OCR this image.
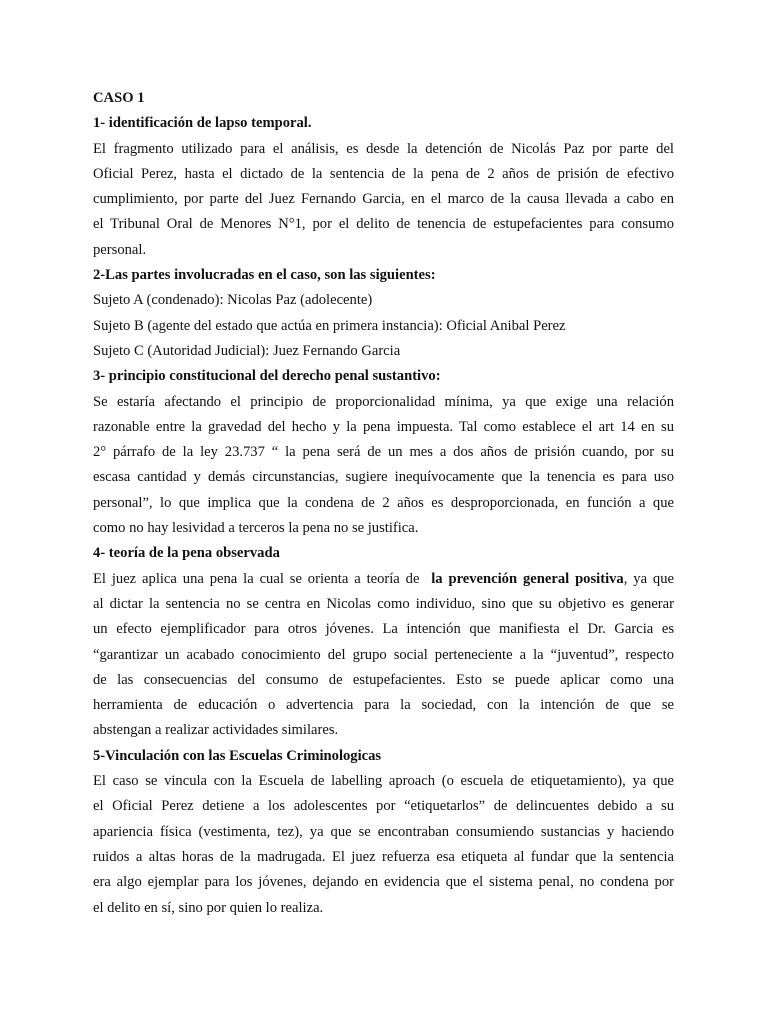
CASO 1
1- identificación de lapso temporal.
El fragmento utilizado para el análisis, es desde la detención de Nicolás Paz por parte del
Oficial Perez, hasta el dictado de la sentencia de la pena de 2 años de prisión de efectivo
cumplimiento, por parte del Juez Fernando Garcia, en el marco de la causa llevada a cabo en
el Tribunal Oral de Menores N°1, por el delito de tenencia de estupefacientes para consumo
personal.
2-Las partes involucradas en el caso, son las siguientes:
Sujeto A (condenado): Nicolas Paz (adolecente)
Sujeto B (agente del estado que actúa en primera instancia): Oficial Anibal Perez
Sujeto C (Autoridad Judicial): Juez Fernando Garcia
3- principio constitucional del derecho penal sustantivo:
Se estaría afectando el principio de proporcionalidad mínima, ya que exige una relación
razonable entre la gravedad del hecho y la pena impuesta. Tal como establece el art 14 en su
2° párrafo de la ley 23.737 “ la pena será de un mes a dos años de prisión cuando, por su
escasa cantidad y demás circunstancias, sugiere inequívocamente que la tenencia es para uso
personal”, lo que implica que la condena de 2 años es desproporcionada, en función a que
como no hay lesividad a terceros la pena no se justifica.
4- teoría de la pena observada
El juez aplica una pena la cual se orienta a teoría de  la prevención general positiva, ya que
al dictar la sentencia no se centra en Nicolas como individuo, sino que su objetivo es generar
un efecto ejemplificador para otros jóvenes. La intención que manifiesta el Dr. Garcia es
“garantizar un acabado conocimiento del grupo social perteneciente a la “juventud”, respecto
de las consecuencias del consumo de estupefacientes. Esto se puede aplicar como una
herramienta de educación o advertencia para la sociedad, con la intención de que se
abstengan a realizar actividades similares.
5-Vinculación con las Escuelas Criminologicas
El caso se vincula con la Escuela de labelling aproach (o escuela de etiquetamiento), ya que
el Oficial Perez detiene a los adolescentes por “etiquetarlos” de delincuentes debido a su
apariencia física (vestimenta, tez), ya que se encontraban consumiendo sustancias y haciendo
ruidos a altas horas de la madrugada. El juez refuerza esa etiqueta al fundar que la sentencia
era algo ejemplar para los jóvenes, dejando en evidencia que el sistema penal, no condena por
el delito en sí, sino por quien lo realiza.
